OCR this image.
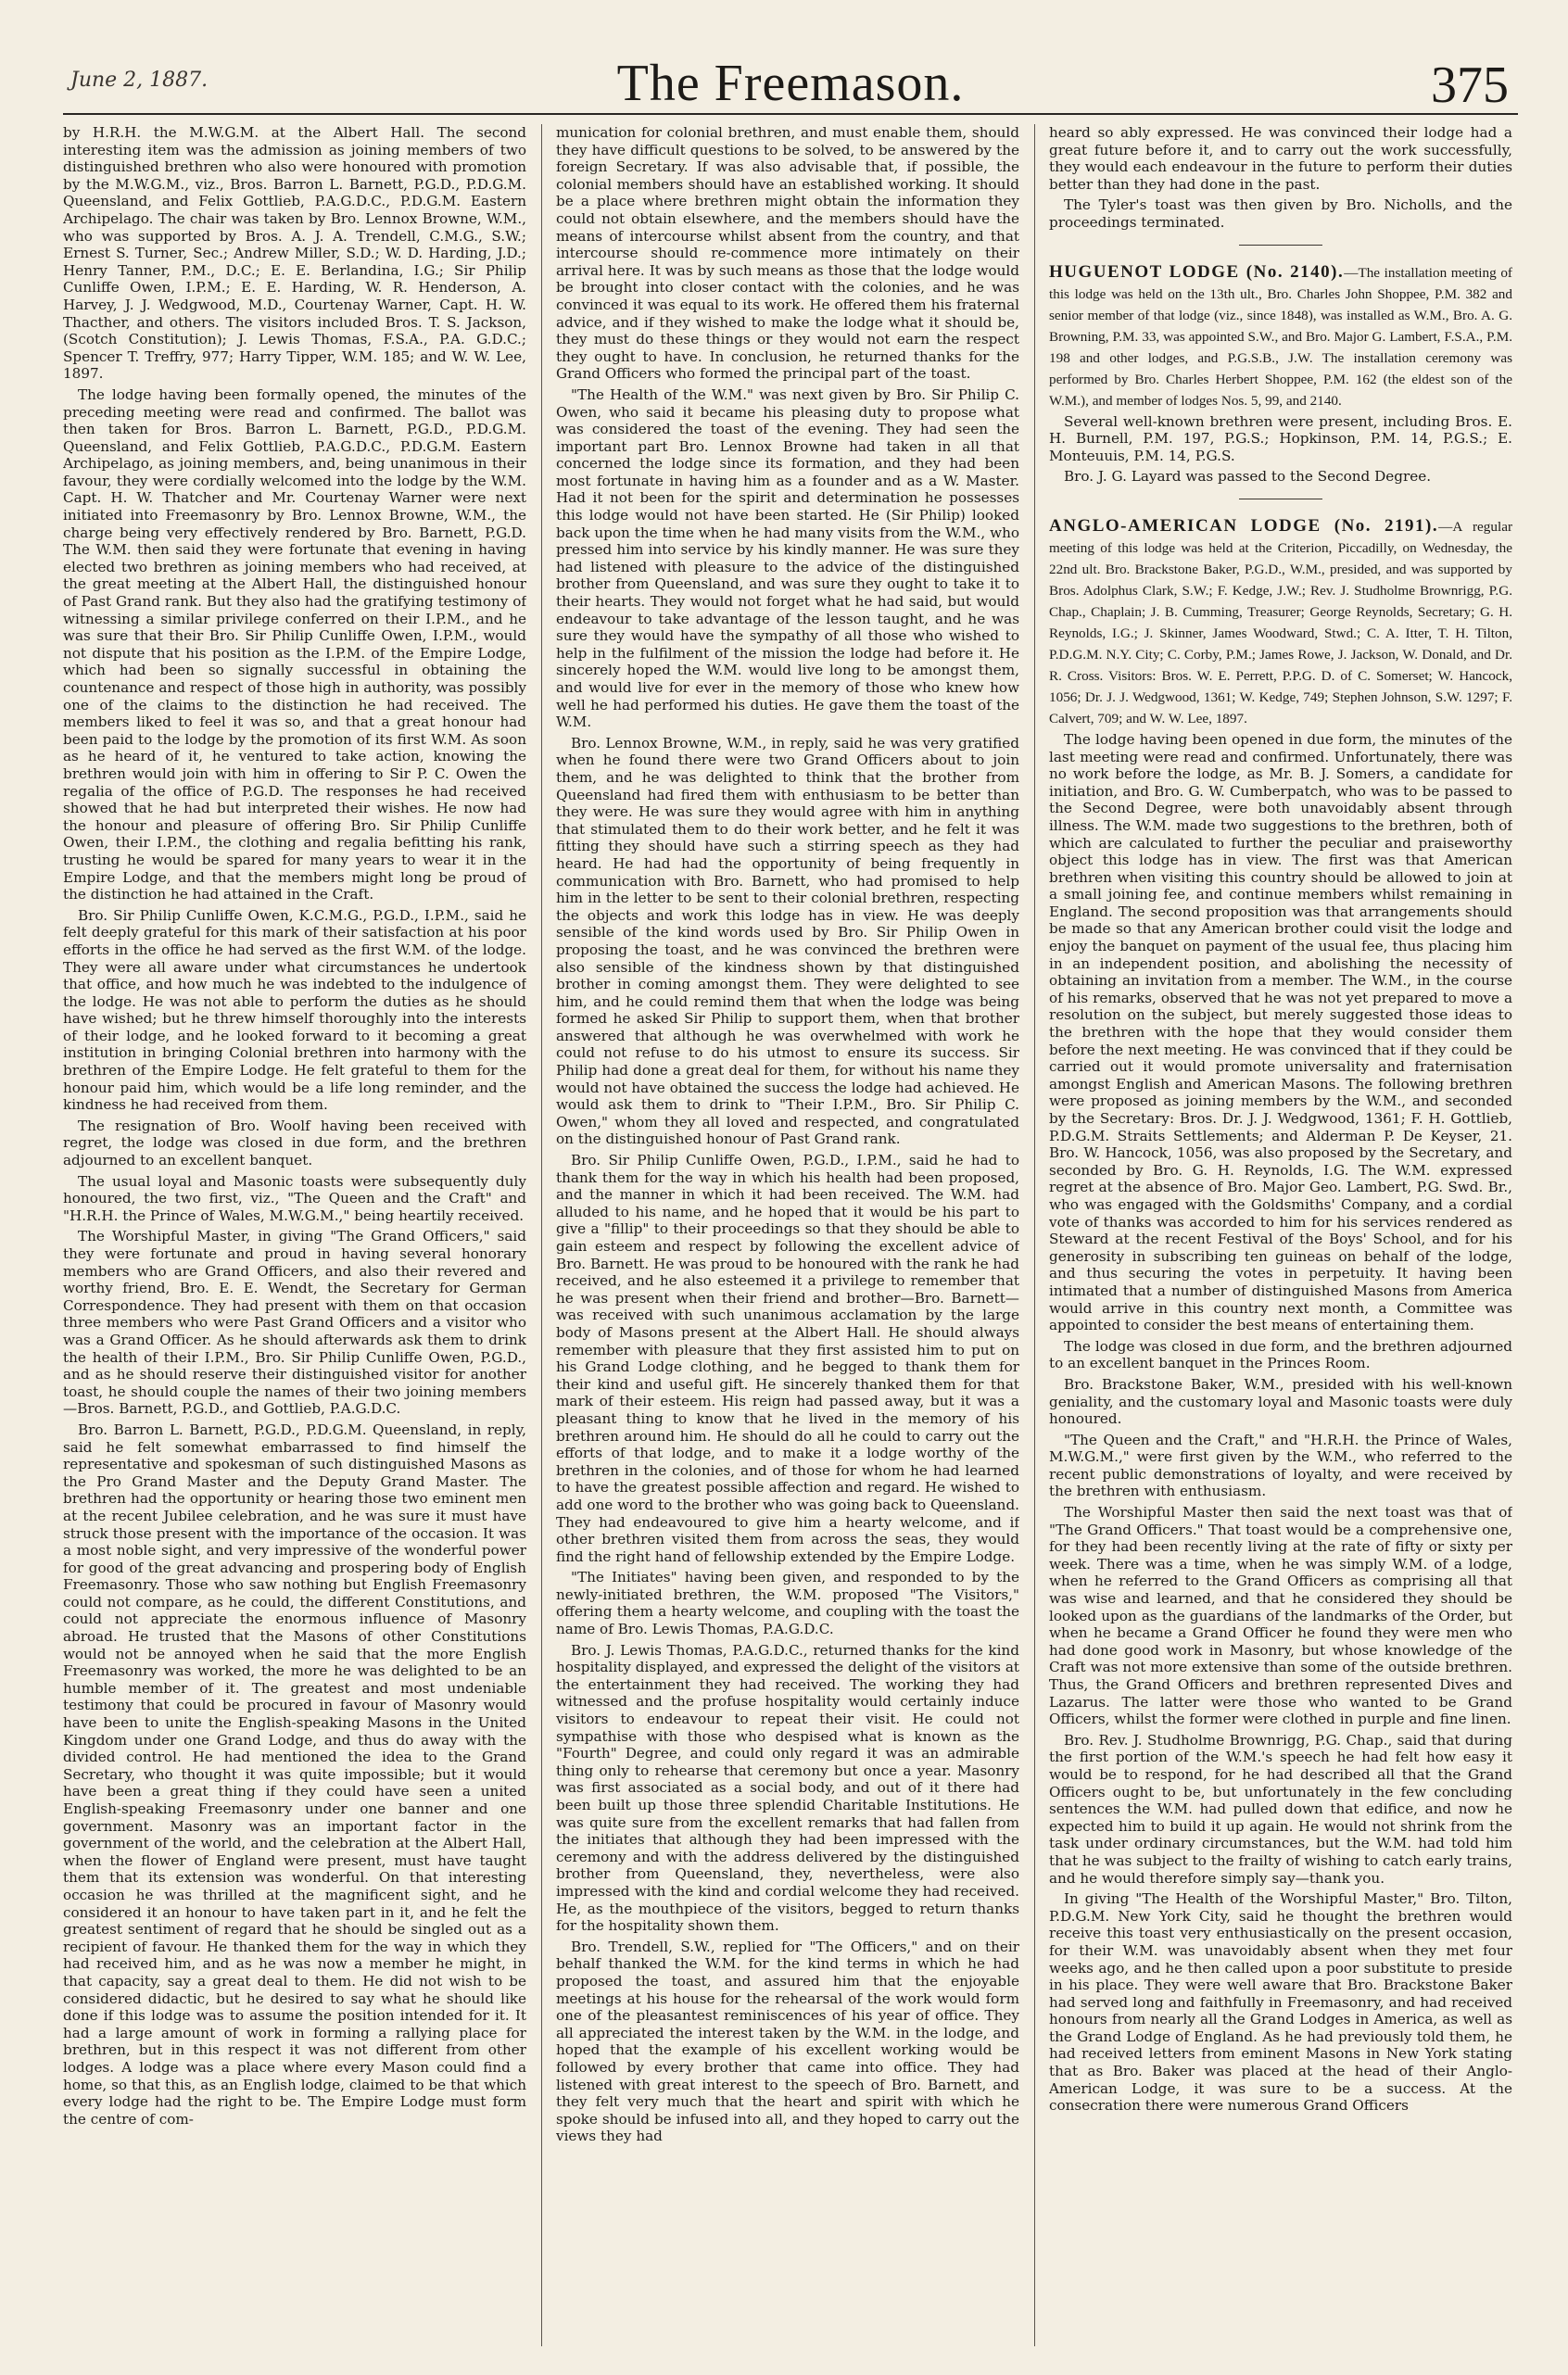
June 2, 1887.	The Freemason.	375

by H.R.H. the M.W.G.M. at the Albert Hall. The second interesting item was the admission as joining members of two distinguished brethren who also were honoured with promotion by the M.W.G.M., viz., Bros. Barron L. Barnett, P.G.D., P.D.G.M. Queensland, and Felix Gottlieb, P.A.G.D.C., P.D.G.M. Eastern Archipelago. The chair was taken by Bro. Lennox Browne, W.M., who was supported by Bros. A. J. A. Trendell, C.M.G., S.W.; Ernest S. Turner, Sec.; Andrew Miller, S.D.; W. D. Harding, J.D.; Henry Tanner, P.M., D.C.; E. E. Berlandina, I.G.; Sir Philip Cunliffe Owen, I.P.M.; E. E. Harding, W. R. Henderson, A. Harvey, J. J. Wedgwood, M.D., Courtenay Warner, Capt. H. W. Thacther, and others. The visitors included Bros. T. S. Jackson, (Scotch Constitution); J. Lewis Thomas, F.S.A., P.A. G.D.C.; Spencer T. Treffry, 977; Harry Tipper, W.M. 185; and W. W. Lee, 1897.

The lodge having been formally opened, the minutes of the preceding meeting were read and confirmed. The ballot was then taken for Bros. Barron L. Barnett, P.G.D., P.D.G.M. Queensland, and Felix Gottlieb, P.A.G.D.C., P.D.G.M. Eastern Archipelago, as joining members, and, being unanimous in their favour, they were cordially welcomed into the lodge by the W.M. Capt. H. W. Thatcher and Mr. Courtenay Warner were next initiated into Freemasonry by Bro. Lennox Browne, W.M., the charge being very effectively rendered by Bro. Barnett, P.G.D. The W.M. then said they were fortunate that evening in having elected two brethren as joining members who had received, at the great meeting at the Albert Hall, the distinguished honour of Past Grand rank. But they also had the gratifying testimony of witnessing a similar privilege conferred on their I.P.M., and he was sure that their Bro. Sir Philip Cunliffe Owen, I.P.M., would not dispute that his position as the I.P.M. of the Empire Lodge, which had been so signally successful in obtaining the countenance and respect of those high in authority, was possibly one of the claims to the distinction he had received. The members liked to feel it was so, and that a great honour had been paid to the lodge by the promotion of its first W.M. As soon as he heard of it, he ventured to take action, knowing the brethren would join with him in offering to Sir P. C. Owen the regalia of the office of P.G.D. The responses he had received showed that he had but interpreted their wishes. He now had the honour and pleasure of offering Bro. Sir Philip Cunliffe Owen, their I.P.M., the clothing and regalia befitting his rank, trusting he would be spared for many years to wear it in the Empire Lodge, and that the members might long be proud of the distinction he had attained in the Craft.

Bro. Sir Philip Cunliffe Owen, K.C.M.G., P.G.D., I.P.M., said he felt deeply grateful for this mark of their satisfaction at his poor efforts in the office he had served as the first W.M. of the lodge. They were all aware under what circumstances he undertook that office, and how much he was indebted to the indulgence of the lodge. He was not able to perform the duties as he should have wished; but he threw himself thoroughly into the interests of their lodge, and he looked forward to it becoming a great institution in bringing Colonial brethren into harmony with the brethren of the Empire Lodge. He felt grateful to them for the honour paid him, which would be a life long reminder, and the kindness he had received from them.

The resignation of Bro. Woolf having been received with regret, the lodge was closed in due form, and the brethren adjourned to an excellent banquet.

The usual loyal and Masonic toasts were subsequently duly honoured, the two first, viz., "The Queen and the Craft" and "H.R.H. the Prince of Wales, M.W.G.M.," being heartily received.

The Worshipful Master, in giving "The Grand Officers," said they were fortunate and proud in having several honorary members who are Grand Officers, and also their revered and worthy friend, Bro. E. E. Wendt, the Secretary for German Correspondence. They had present with them on that occasion three members who were Past Grand Officers and a visitor who was a Grand Officer. As he should afterwards ask them to drink the health of their I.P.M., Bro. Sir Philip Cunliffe Owen, P.G.D., and as he should reserve their distinguished visitor for another toast, he should couple the names of their two joining members—Bros. Barnett, P.G.D., and Gottlieb, P.A.G.D.C.

Bro. Barron L. Barnett, P.G.D., P.D.G.M. Queensland, in reply, said he felt somewhat embarrassed to find himself the representative and spokesman of such distinguished Masons as the Pro Grand Master and the Deputy Grand Master. The brethren had the opportunity or hearing those two eminent men at the recent Jubilee celebration, and he was sure it must have struck those present with the importance of the occasion. It was a most noble sight, and very impressive of the wonderful power for good of the great advancing and prospering body of English Freemasonry. Those who saw nothing but English Freemasonry could not compare, as he could, the different Constitutions, and could not appreciate the enormous influence of Masonry abroad. He trusted that the Masons of other Constitutions would not be annoyed when he said that the more English Freemasonry was worked, the more he was delighted to be an humble member of it. The greatest and most undeniable testimony that could be procured in favour of Masonry would have been to unite the English-speaking Masons in the United Kingdom under one Grand Lodge, and thus do away with the divided control. He had mentioned the idea to the Grand Secretary, who thought it was quite impossible; but it would have been a great thing if they could have seen a united English-speaking Freemasonry under one banner and one government. Masonry was an important factor in the government of the world, and the celebration at the Albert Hall, when the flower of England were present, must have taught them that its extension was wonderful. On that interesting occasion he was thrilled at the magnificent sight, and he considered it an honour to have taken part in it, and he felt the greatest sentiment of regard that he should be singled out as a recipient of favour. He thanked them for the way in which they had received him, and as he was now a member he might, in that capacity, say a great deal to them. He did not wish to be considered didactic, but he desired to say what he should like done if this lodge was to assume the position intended for it. It had a large amount of work in forming a rallying place for brethren, but in this respect it was not different from other lodges. A lodge was a place where every Mason could find a home, so that this, as an English lodge, claimed to be that which every lodge had the right to be. The Empire Lodge must form the centre of com-

munication for colonial brethren, and must enable them, should they have difficult questions to be solved, to be answered by the foreign Secretary. If was also advisable that, if possible, the colonial members should have an established working. It should be a place where brethren might obtain the information they could not obtain elsewhere, and the members should have the means of intercourse whilst absent from the country, and that intercourse should re-commence more intimately on their arrival here. It was by such means as those that the lodge would be brought into closer contact with the colonies, and he was convinced it was equal to its work. He offered them his fraternal advice, and if they wished to make the lodge what it should be, they must do these things or they would not earn the respect they ought to have. In conclusion, he returned thanks for the Grand Officers who formed the principal part of the toast.

"The Health of the W.M." was next given by Bro. Sir Philip C. Owen, who said it became his pleasing duty to propose what was considered the toast of the evening. They had seen the important part Bro. Lennox Browne had taken in all that concerned the lodge since its formation, and they had been most fortunate in having him as a founder and as a W. Master. Had it not been for the spirit and determination he possesses this lodge would not have been started. He (Sir Philip) looked back upon the time when he had many visits from the W.M., who pressed him into service by his kindly manner. He was sure they had listened with pleasure to the advice of the distinguished brother from Queensland, and was sure they ought to take it to their hearts. They would not forget what he had said, but would endeavour to take advantage of the lesson taught, and he was sure they would have the sympathy of all those who wished to help in the fulfilment of the mission the lodge had before it. He sincerely hoped the W.M. would live long to be amongst them, and would live for ever in the memory of those who knew how well he had performed his duties. He gave them the toast of the W.M.

Bro. Lennox Browne, W.M., in reply, said he was very gratified when he found there were two Grand Officers about to join them, and he was delighted to think that the brother from Queensland had fired them with enthusiasm to be better than they were. He was sure they would agree with him in anything that stimulated them to do their work better, and he felt it was fitting they should have such a stirring speech as they had heard. He had had the opportunity of being frequently in communication with Bro. Barnett, who had promised to help him in the letter to be sent to their colonial brethren, respecting the objects and work this lodge has in view. He was deeply sensible of the kind words used by Bro. Sir Philip Owen in proposing the toast, and he was convinced the brethren were also sensible of the kindness shown by that distinguished brother in coming amongst them. They were delighted to see him, and he could remind them that when the lodge was being formed he asked Sir Philip to support them, when that brother answered that although he was overwhelmed with work he could not refuse to do his utmost to ensure its success. Sir Philip had done a great deal for them, for without his name they would not have obtained the success the lodge had achieved. He would ask them to drink to "Their I.P.M., Bro. Sir Philip C. Owen," whom they all loved and respected, and congratulated on the distinguished honour of Past Grand rank.

Bro. Sir Philip Cunliffe Owen, P.G.D., I.P.M., said he had to thank them for the way in which his health had been proposed, and the manner in which it had been received. The W.M. had alluded to his name, and he hoped that it would be his part to give a "fillip" to their proceedings so that they should be able to gain esteem and respect by following the excellent advice of Bro. Barnett. He was proud to be honoured with the rank he had received, and he also esteemed it a privilege to remember that he was present when their friend and brother—Bro. Barnett—was received with such unanimous acclamation by the large body of Masons present at the Albert Hall. He should always remember with pleasure that they first assisted him to put on his Grand Lodge clothing, and he begged to thank them for their kind and useful gift. He sincerely thanked them for that mark of their esteem. His reign had passed away, but it was a pleasant thing to know that he lived in the memory of his brethren around him. He should do all he could to carry out the efforts of that lodge, and to make it a lodge worthy of the brethren in the colonies, and of those for whom he had learned to have the greatest possible affection and regard. He wished to add one word to the brother who was going back to Queensland. They had endeavoured to give him a hearty welcome, and if other brethren visited them from across the seas, they would find the right hand of fellowship extended by the Empire Lodge.

"The Initiates" having been given, and responded to by the newly-initiated brethren, the W.M. proposed "The Visitors," offering them a hearty welcome, and coupling with the toast the name of Bro. Lewis Thomas, P.A.G.D.C.

Bro. J. Lewis Thomas, P.A.G.D.C., returned thanks for the kind hospitality displayed, and expressed the delight of the visitors at the entertainment they had received. The working they had witnessed and the profuse hospitality would certainly induce visitors to endeavour to repeat their visit. He could not sympathise with those who despised what is known as the "Fourth" Degree, and could only regard it was an admirable thing only to rehearse that ceremony but once a year. Masonry was first associated as a social body, and out of it there had been built up those three splendid Charitable Institutions. He was quite sure from the excellent remarks that had fallen from the initiates that although they had been impressed with the ceremony and with the address delivered by the distinguished brother from Queensland, they, nevertheless, were also impressed with the kind and cordial welcome they had received. He, as the mouthpiece of the visitors, begged to return thanks for the hospitality shown them.

Bro. Trendell, S.W., replied for "The Officers," and on their behalf thanked the W.M. for the kind terms in which he had proposed the toast, and assured him that the enjoyable meetings at his house for the rehearsal of the work would form one of the pleasantest reminiscences of his year of office. They all appreciated the interest taken by the W.M. in the lodge, and hoped that the example of his excellent working would be followed by every brother that came into office. They had listened with great interest to the speech of Bro. Barnett, and they felt very much that the heart and spirit with which he spoke should be infused into all, and they hoped to carry out the views they had

heard so ably expressed. He was convinced their lodge had a great future before it, and to carry out the work successfully, they would each endeavour in the future to perform their duties better than they had done in the past.

The Tyler's toast was then given by Bro. Nicholls, and the proceedings terminated.

HUGUENOT LODGE (No. 2140).—The installation meeting of this lodge was held on the 13th ult., Bro. Charles John Shoppee, P.M. 382 and senior member of that lodge (viz., since 1848), was installed as W.M., Bro. A. G. Browning, P.M. 33, was appointed S.W., and Bro. Major G. Lambert, F.S.A., P.M. 198 and other lodges, and P.G.S.B., J.W. The installation ceremony was performed by Bro. Charles Herbert Shoppee, P.M. 162 (the eldest son of the W.M.), and member of lodges Nos. 5, 99, and 2140.

Several well-known brethren were present, including Bros. E. H. Burnell, P.M. 197, P.G.S.; Hopkinson, P.M. 14, P.G.S.; E. Monteuuis, P.M. 14, P.G.S.

Bro. J. G. Layard was passed to the Second Degree.

ANGLO-AMERICAN LODGE (No. 2191).—A regular meeting of this lodge was held at the Criterion, Piccadilly, on Wednesday, the 22nd ult. Bro. Brackstone Baker, P.G.D., W.M., presided, and was supported by Bros. Adolphus Clark, S.W.; F. Kedge, J.W.; Rev. J. Studholme Brownrigg, P.G. Chap., Chaplain; J. B. Cumming, Treasurer; George Reynolds, Secretary; G. H. Reynolds, I.G.; J. Skinner, James Woodward, Stwd.; C. A. Itter, T. H. Tilton, P.D.G.M. N.Y. City; C. Corby, P.M.; James Rowe, J. Jackson, W. Donald, and Dr. R. Cross. Visitors: Bros. W. E. Perrett, P.P.G. D. of C. Somerset; W. Hancock, 1056; Dr. J. J. Wedgwood, 1361; W. Kedge, 749; Stephen Johnson, S.W. 1297; F. Calvert, 709; and W. W. Lee, 1897.

The lodge having been opened in due form, the minutes of the last meeting were read and confirmed. Unfortunately, there was no work before the lodge, as Mr. B. J. Somers, a candidate for initiation, and Bro. G. W. Cumberpatch, who was to be passed to the Second Degree, were both unavoidably absent through illness. The W.M. made two suggestions to the brethren, both of which are calculated to further the peculiar and praiseworthy object this lodge has in view. The first was that American brethren when visiting this country should be allowed to join at a small joining fee, and continue members whilst remaining in England. The second proposition was that arrangements should be made so that any American brother could visit the lodge and enjoy the banquet on payment of the usual fee, thus placing him in an independent position, and abolishing the necessity of obtaining an invitation from a member. The W.M., in the course of his remarks, observed that he was not yet prepared to move a resolution on the subject, but merely suggested those ideas to the brethren with the hope that they would consider them before the next meeting. He was convinced that if they could be carried out it would promote universality and fraternisation amongst English and American Masons. The following brethren were proposed as joining members by the W.M., and seconded by the Secretary: Bros. Dr. J. J. Wedgwood, 1361; F. H. Gottlieb, P.D.G.M. Straits Settlements; and Alderman P. De Keyser, 21. Bro. W. Hancock, 1056, was also proposed by the Secretary, and seconded by Bro. G. H. Reynolds, I.G. The W.M. expressed regret at the absence of Bro. Major Geo. Lambert, P.G. Swd. Br., who was engaged with the Goldsmiths' Company, and a cordial vote of thanks was accorded to him for his services rendered as Steward at the recent Festival of the Boys' School, and for his generosity in subscribing ten guineas on behalf of the lodge, and thus securing the votes in perpetuity. It having been intimated that a number of distinguished Masons from America would arrive in this country next month, a Committee was appointed to consider the best means of entertaining them.

The lodge was closed in due form, and the brethren adjourned to an excellent banquet in the Princes Room.

Bro. Brackstone Baker, W.M., presided with his well-known geniality, and the customary loyal and Masonic toasts were duly honoured.

"The Queen and the Craft," and "H.R.H. the Prince of Wales, M.W.G.M.," were first given by the W.M., who referred to the recent public demonstrations of loyalty, and were received by the brethren with enthusiasm.

The Worshipful Master then said the next toast was that of "The Grand Officers." That toast would be a comprehensive one, for they had been recently living at the rate of fifty or sixty per week. There was a time, when he was simply W.M. of a lodge, when he referred to the Grand Officers as comprising all that was wise and learned, and that he considered they should be looked upon as the guardians of the landmarks of the Order, but when he became a Grand Officer he found they were men who had done good work in Masonry, but whose knowledge of the Craft was not more extensive than some of the outside brethren. Thus, the Grand Officers and brethren represented Dives and Lazarus. The latter were those who wanted to be Grand Officers, whilst the former were clothed in purple and fine linen.

Bro. Rev. J. Studholme Brownrigg, P.G. Chap., said that during the first portion of the W.M.'s speech he had felt how easy it would be to respond, for he had described all that the Grand Officers ought to be, but unfortunately in the few concluding sentences the W.M. had pulled down that edifice, and now he expected him to build it up again. He would not shrink from the task under ordinary circumstances, but the W.M. had told him that he was subject to the frailty of wishing to catch early trains, and he would therefore simply say—thank you.

In giving "The Health of the Worshipful Master," Bro. Tilton, P.D.G.M. New York City, said he thought the brethren would receive this toast very enthusiastically on the present occasion, for their W.M. was unavoidably absent when they met four weeks ago, and he then called upon a poor substitute to preside in his place. They were well aware that Bro. Brackstone Baker had served long and faithfully in Freemasonry, and had received honours from nearly all the Grand Lodges in America, as well as the Grand Lodge of England. As he had previously told them, he had received letters from eminent Masons in New York stating that as Bro. Baker was placed at the head of their Anglo-American Lodge, it was sure to be a success. At the consecration there were numerous Grand Officers
